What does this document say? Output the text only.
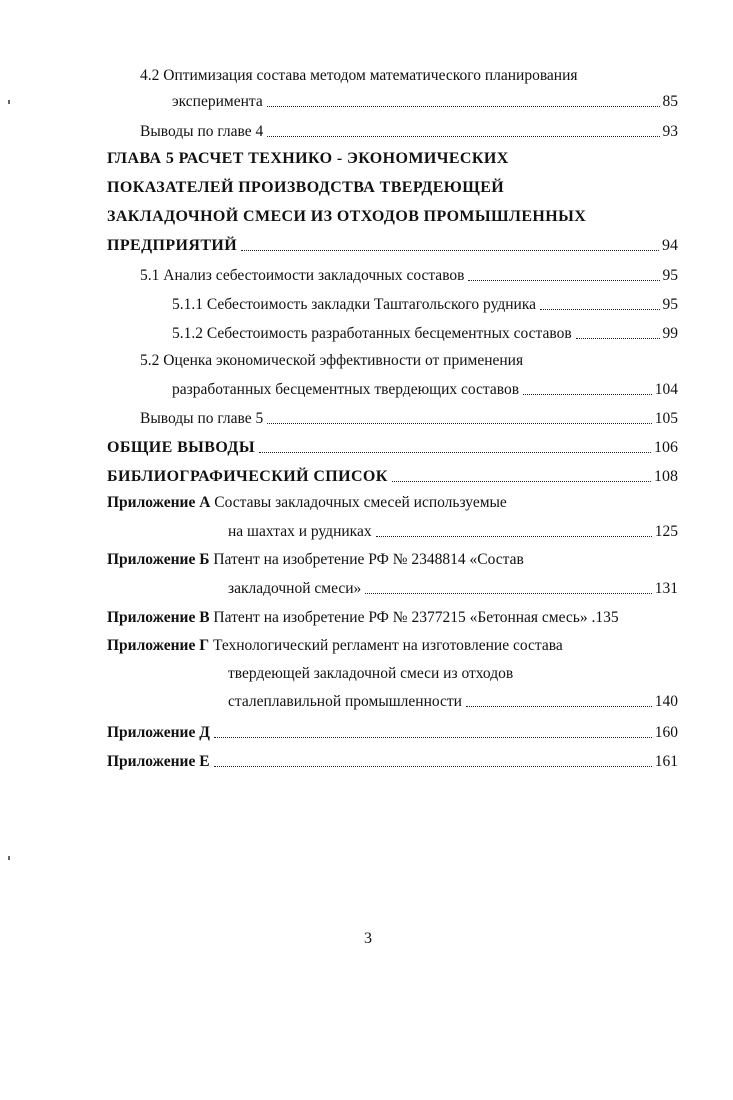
4.2 Оптимизация состава методом математического планирования
эксперимента	85
Выводы по главе 4	93
ГЛАВА 5 РАСЧЕТ ТЕХНИКО - ЭКОНОМИЧЕСКИХ
ПОКАЗАТЕЛЕЙ ПРОИЗВОДСТВА ТВЕРДЕЮЩЕЙ
ЗАКЛАДОЧНОЙ СМЕСИ ИЗ ОТХОДОВ ПРОМЫШЛЕННЫХ
ПРЕДПРИЯТИЙ	94
5.1 Анализ себестоимости закладочных составов	95
5.1.1 Себестоимость закладки Таштагольского рудника	95
5.1.2 Себестоимость разработанных бесцементных составов	99
5.2 Оценка экономической эффективности от применения
разработанных бесцементных твердеющих составов	104
Выводы по главе 5	105
ОБЩИЕ ВЫВОДЫ	106
БИБЛИОГРАФИЧЕСКИЙ СПИСОК	108
Приложение А Составы закладочных смесей используемые
на шахтах и рудниках	125
Приложение Б Патент на изобретение РФ № 2348814 «Состав
закладочной смеси»	131
Приложение В Патент на изобретение РФ № 2377215 «Бетонная смесь» .135
Приложение Г Технологический регламент на изготовление состава
твердеющей закладочной смеси из отходов
сталеплавильной промышленности	140
Приложение Д	160
Приложение Е	161
3
